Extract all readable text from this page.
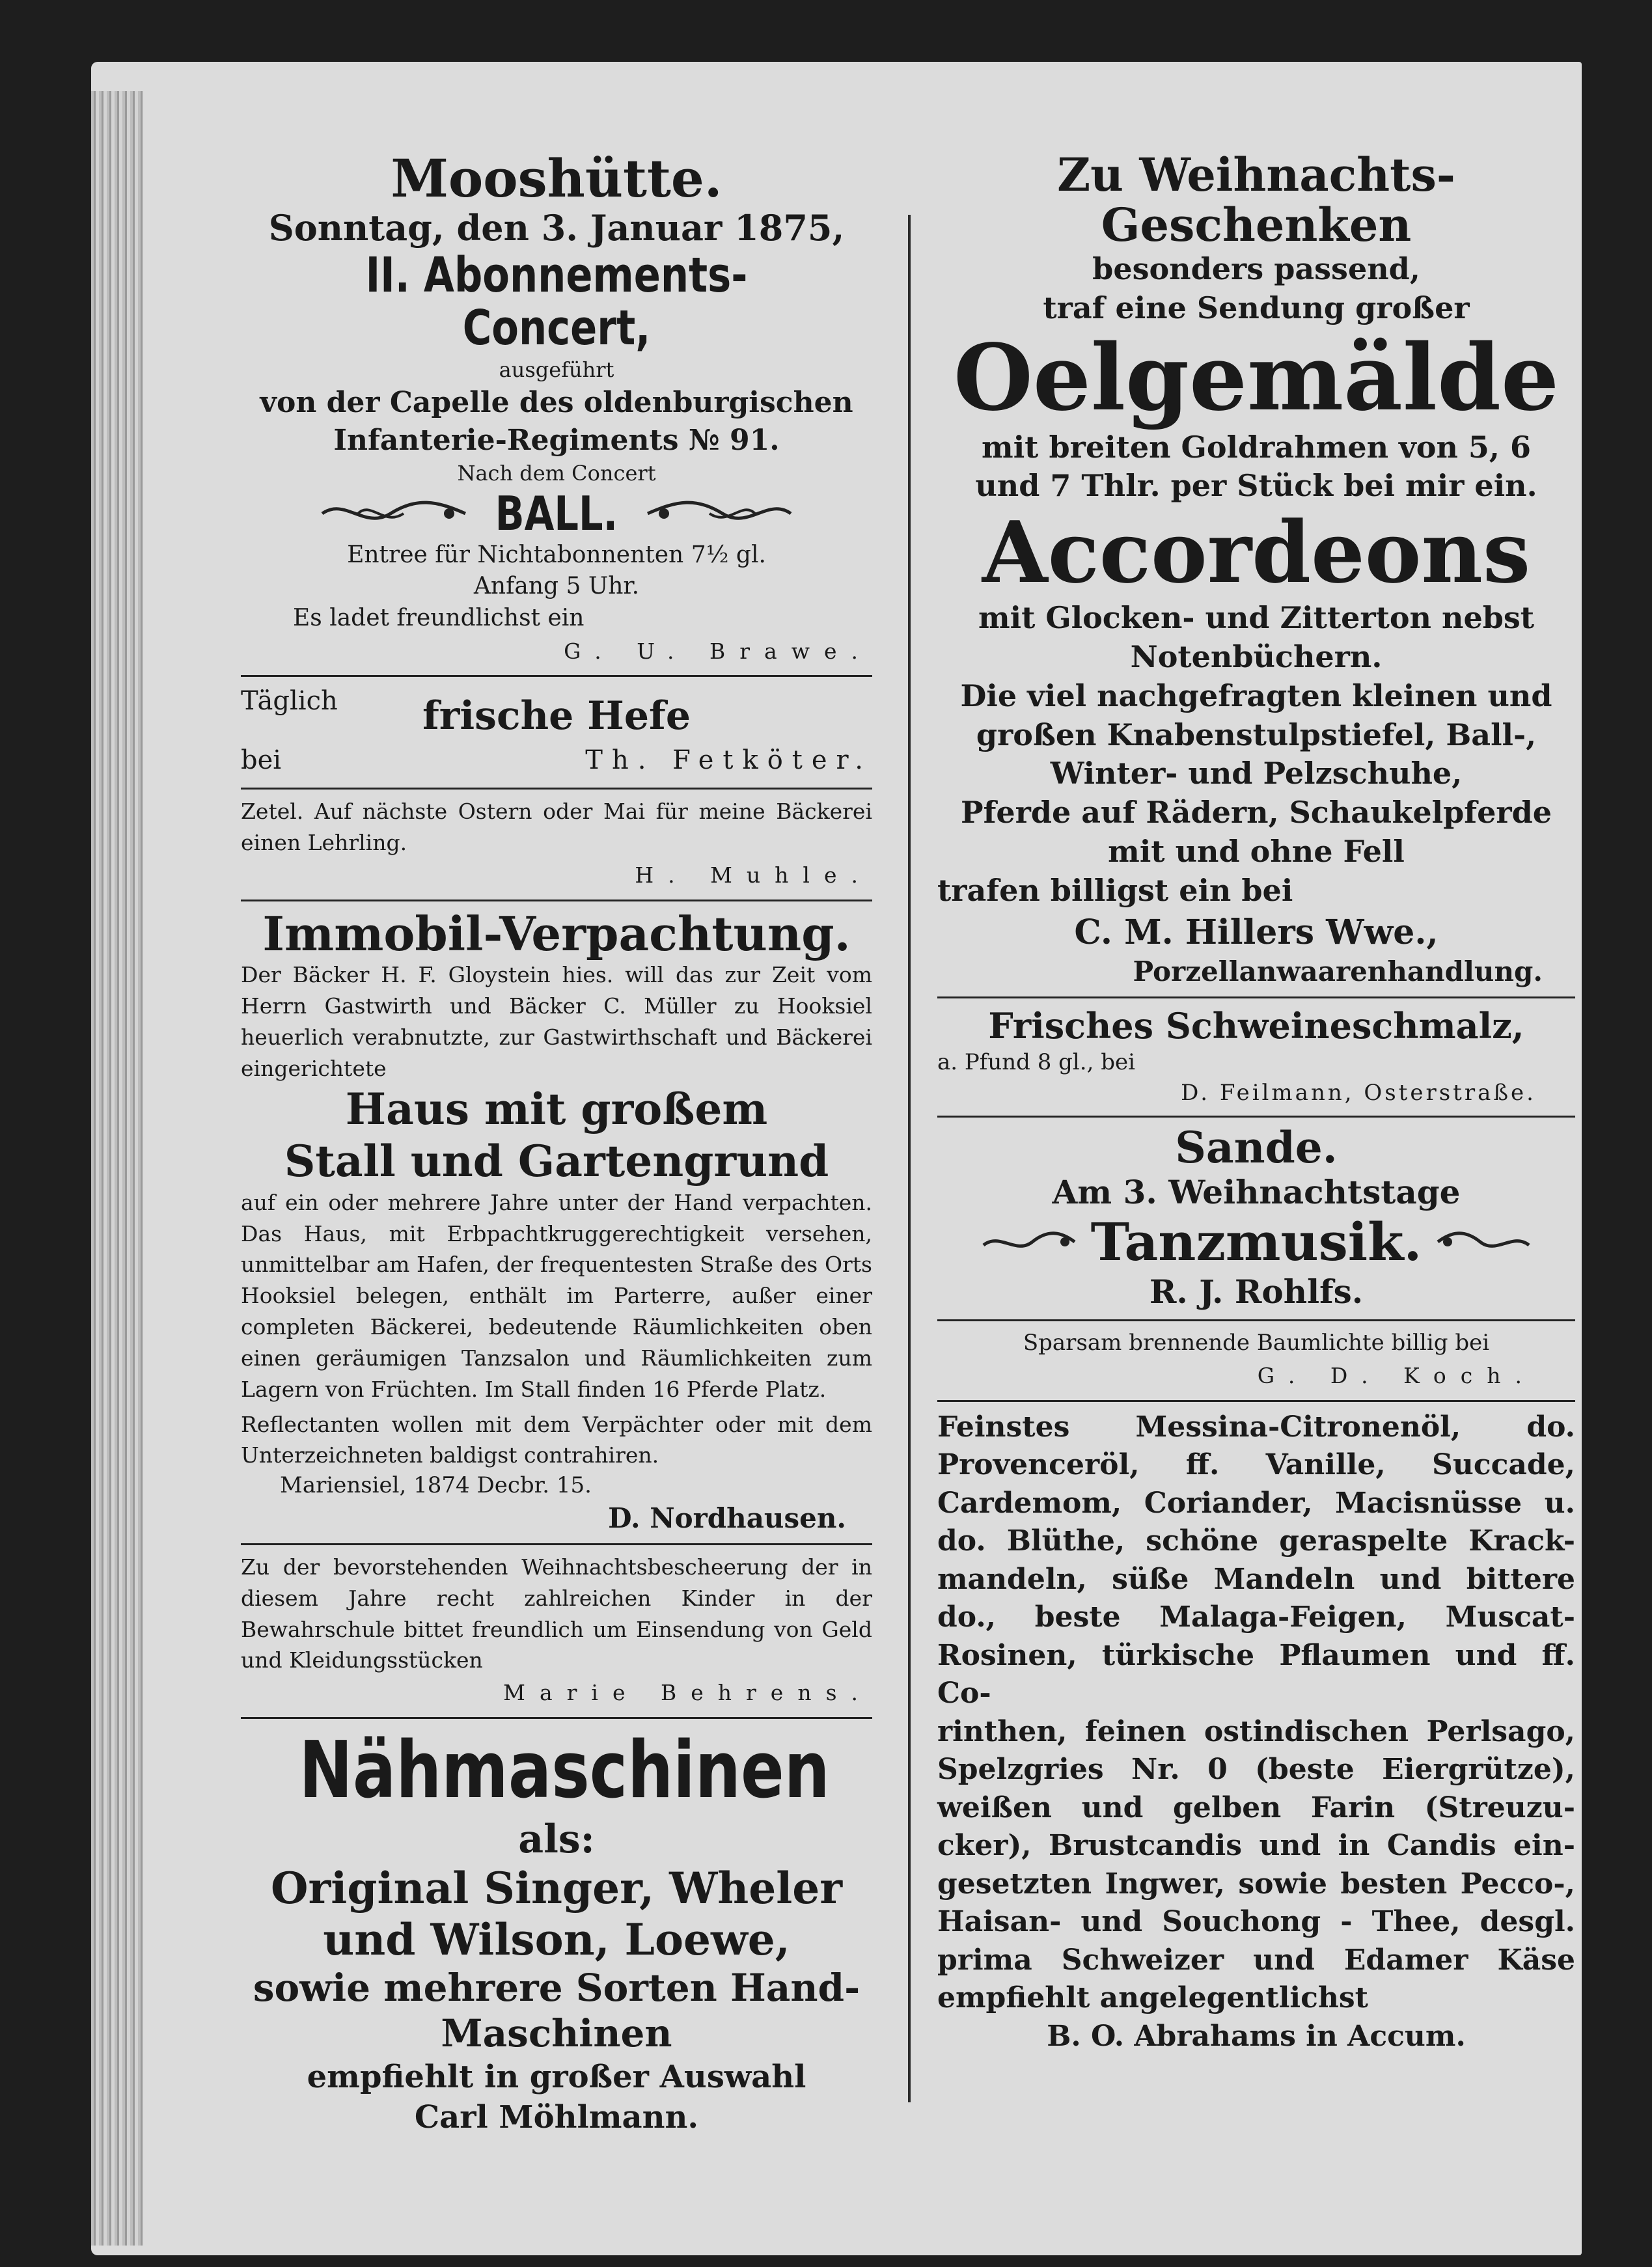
Mooshütte.
Sonntag, den 3. Januar 1875,
II. Abonnements-Concert,
ausgeführt
von der Capelle des oldenburgischen
Infanterie-Regiments № 91.
Nach dem Concert
BALL.
Entree für Nichtabonnenten 7½ gl.
Anfang 5 Uhr.
Es ladet freundlichst ein
G. U. Brawe.
Täglich	frische Hefe
bei	Th. Fetköter.
Zetel. Auf nächste Ostern oder Mai für meine Bäckerei einen Lehrling.
H. Muhle.
Immobil-Verpachtung.
Der Bäcker H. F. Gloystein hies. will das zur Zeit vom Herrn Gastwirth und Bäcker C. Müller zu Hooksiel heuerlich verabnutzte, zur Gastwirthschaft und Bäckerei eingerichtete
Haus mit großem
Stall und Gartengrund
auf ein oder mehrere Jahre unter der Hand verpachten. Das Haus, mit Erbpachtkruggerechtigkeit versehen, unmittelbar am Hafen, der frequentesten Straße des Orts Hooksiel belegen, enthält im Parterre, außer einer completen Bäckerei, bedeutende Räumlichkeiten oben einen geräumigen Tanzsalon und Räumlichkeiten zum Lagern von Früchten. Im Stall finden 16 Pferde Platz.
Reflectanten wollen mit dem Verpächter oder mit dem Unterzeichneten baldigst contrahiren.
Mariensiel, 1874 Decbr. 15.
D. Nordhausen.
Zu der bevorstehenden Weihnachtsbescheerung der in diesem Jahre recht zahlreichen Kinder in der Bewahrschule bittet freundlich um Einsendung von Geld und Kleidungsstücken
Marie Behrens.
Nähmaschinen
als:
Original Singer, Wheler
und Wilson, Loewe,
sowie mehrere Sorten Hand-
Maschinen
empfiehlt in großer Auswahl
Carl Möhlmann.
Zu Weihnachts-Geschenken
besonders passend,
traf eine Sendung großer
Oelgemälde
mit breiten Goldrahmen von 5, 6
und 7 Thlr. per Stück bei mir ein.
Accordeons
mit Glocken- und Zitterton nebst
Notenbüchern.
Die viel nachgefragten kleinen und
großen Knabenstulpstiefel, Ball-,
Winter- und Pelzschuhe,
Pferde auf Rädern, Schaukelpferde
mit und ohne Fell
trafen billigst ein bei
C. M. Hillers Wwe.,
Porzellanwaarenhandlung.
Frisches Schweineschmalz,
a. Pfund 8 gl., bei
D. Feilmann, Osterstraße.
Sande.
Am 3. Weihnachtstage
Tanzmusik.
R. J. Rohlfs.
Sparsam brennende Baumlichte billig bei
G. D. Koch.
Feinstes Messina-Citronenöl, do.
Provenceröl, ff. Vanille, Succade,
Cardemom, Coriander, Macisnüsse u.
do. Blüthe, schöne geraspelte Krack-
mandeln, süße Mandeln und bittere
do., beste Malaga-Feigen, Muscat-
Rosinen, türkische Pflaumen und ff. Co-
rinthen, feinen ostindischen Perlsago,
Spelzgries Nr. 0 (beste Eiergrütze),
weißen und gelben Farin (Streuzu-
cker), Brustcandis und in Candis ein-
gesetzten Ingwer, sowie besten Pecco-,
Haisan- und Souchong - Thee, desgl.
prima Schweizer und Edamer Käse
empfiehlt angelegentlichst
B. O. Abrahams in Accum.
